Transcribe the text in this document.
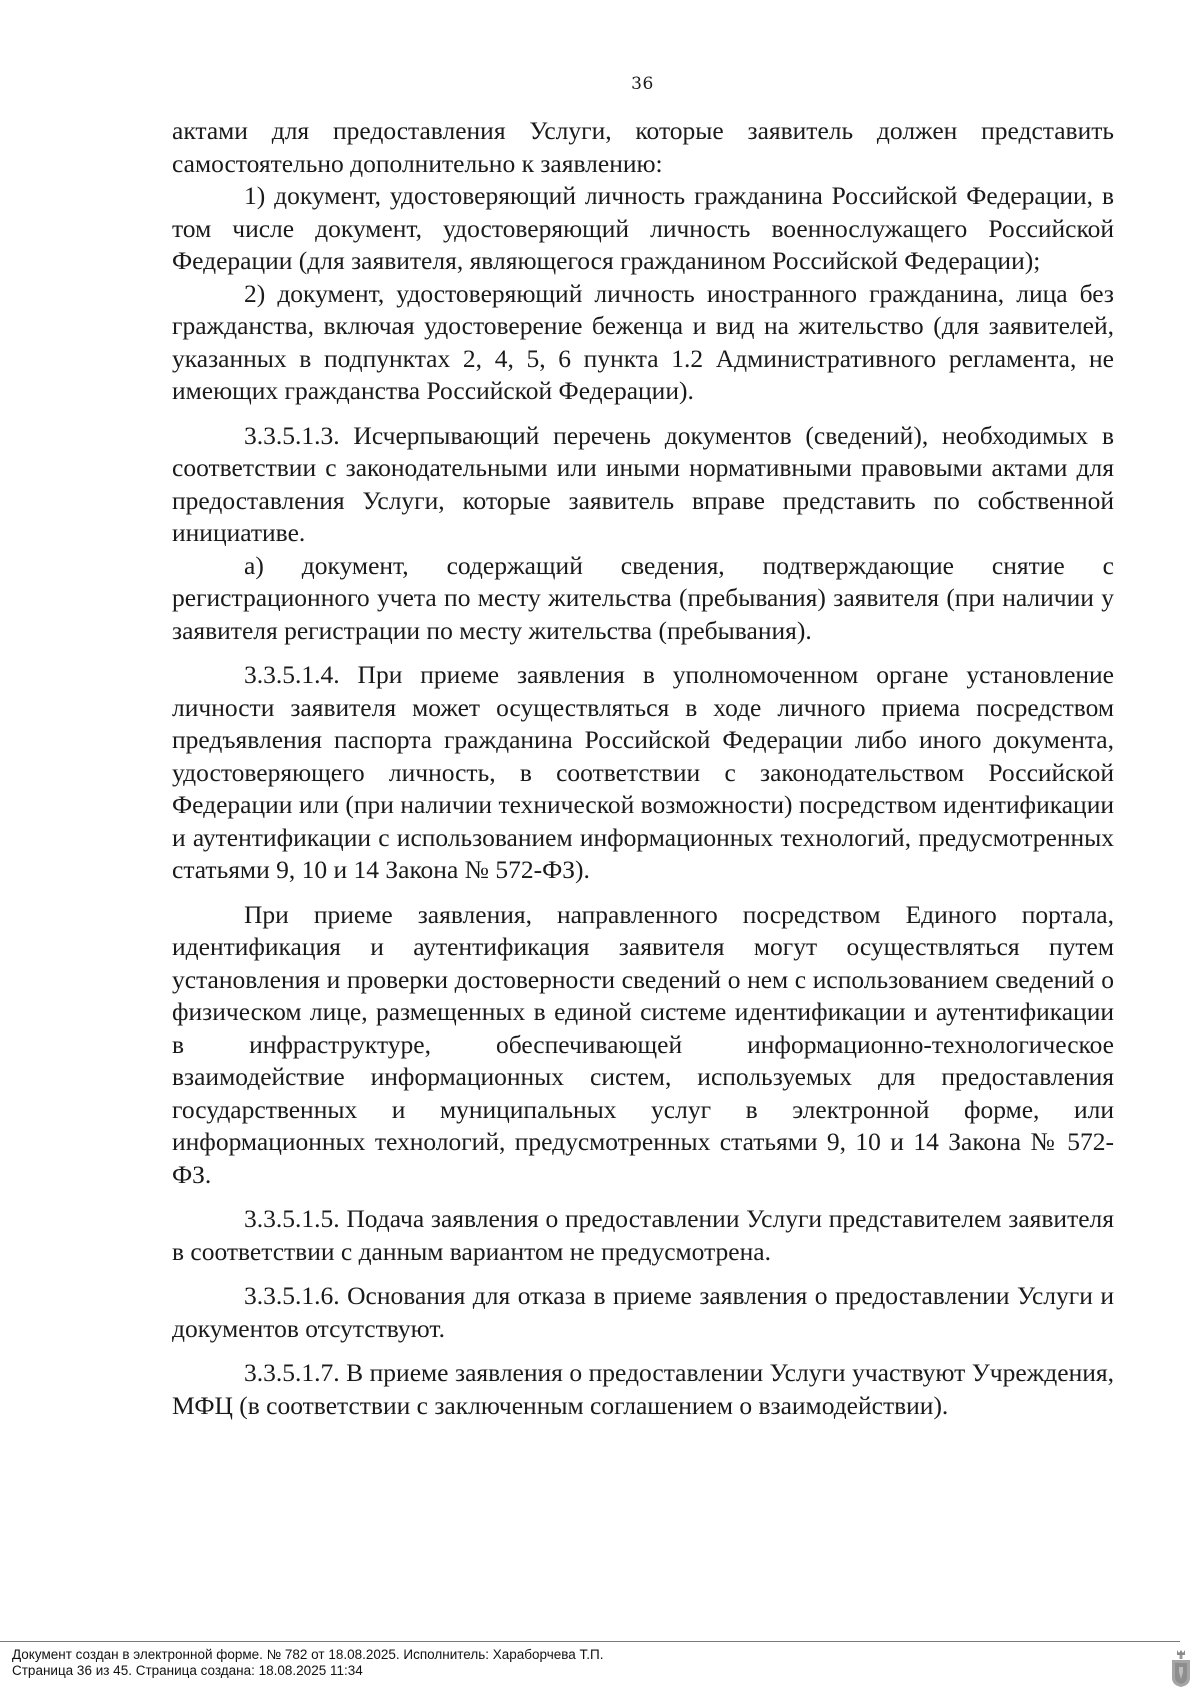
36

актами для предоставления Услуги, которые заявитель должен представить самостоятельно дополнительно к заявлению:

1) документ, удостоверяющий личность гражданина Российской Федерации, в том числе документ, удостоверяющий личность военнослужащего Российской Федерации (для заявителя, являющегося гражданином Российской Федерации);

2) документ, удостоверяющий личность иностранного гражданина, лица без гражданства, включая удостоверение беженца и вид на жительство (для заявителей, указанных в подпунктах 2, 4, 5, 6 пункта 1.2 Административного регламента, не имеющих гражданства Российской Федерации).

3.3.5.1.3. Исчерпывающий перечень документов (сведений), необходимых в соответствии с законодательными или иными нормативными правовыми актами для предоставления Услуги, которые заявитель вправе представить по собственной инициативе.

а) документ, содержащий сведения, подтверждающие снятие с регистрационного учета по месту жительства (пребывания) заявителя (при наличии у заявителя регистрации по месту жительства (пребывания).

3.3.5.1.4. При приеме заявления в уполномоченном органе установление личности заявителя может осуществляться в ходе личного приема посредством предъявления паспорта гражданина Российской Федерации либо иного документа, удостоверяющего личность, в соответствии с законодательством Российской Федерации или (при наличии технической возможности) посредством идентификации и аутентификации с использованием информационных технологий, предусмотренных статьями 9, 10 и 14 Закона № 572-ФЗ).

При приеме заявления, направленного посредством Единого портала, идентификация и аутентификация заявителя могут осуществляться путем установления и проверки достоверности сведений о нем с использованием сведений о физическом лице, размещенных в единой системе идентификации и аутентификации в инфраструктуре, обеспечивающей информационно-технологическое взаимодействие информационных систем, используемых для предоставления государственных и муниципальных услуг в электронной форме, или информационных технологий, предусмотренных статьями 9, 10 и 14 Закона № 572-ФЗ.

3.3.5.1.5. Подача заявления о предоставлении Услуги представителем заявителя в соответствии с данным вариантом не предусмотрена.

3.3.5.1.6. Основания для отказа в приеме заявления о предоставлении Услуги и документов отсутствуют.

3.3.5.1.7. В приеме заявления о предоставлении Услуги участвуют Учреждения, МФЦ (в соответствии с заключенным соглашением о взаимодействии).

Документ создан в электронной форме. № 782 от 18.08.2025. Исполнитель: Хараборчева Т.П.
Страница 36 из 45. Страница создана: 18.08.2025 11:34
